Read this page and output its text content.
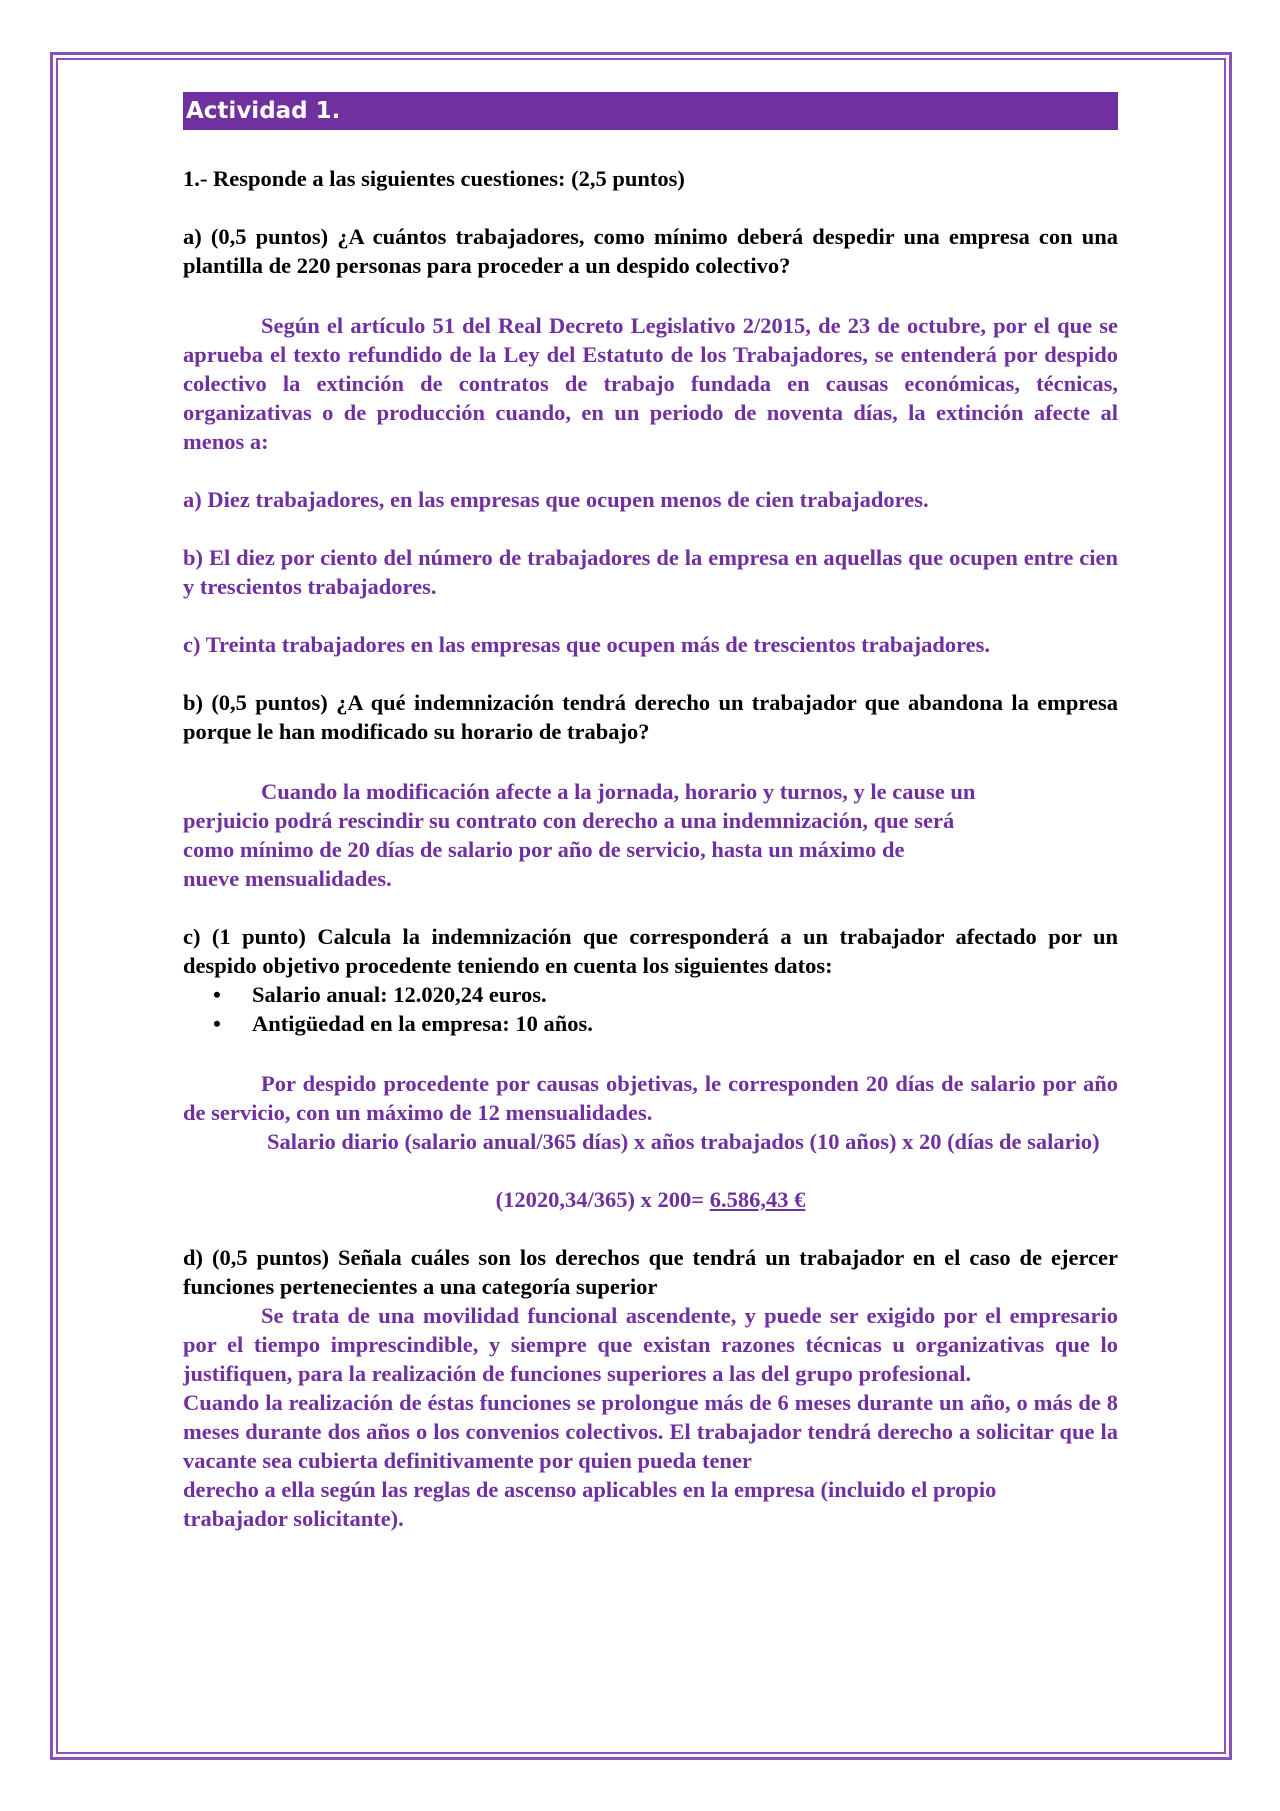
Actividad 1.

1.- Responde a las siguientes cuestiones: (2,5 puntos)

a) (0,5 puntos) ¿A cuántos trabajadores, como mínimo deberá despedir una empresa con una plantilla de 220 personas para proceder a un despido colectivo?

Según el artículo 51 del Real Decreto Legislativo 2/2015, de 23 de octubre, por el que se aprueba el texto refundido de la Ley del Estatuto de los Trabajadores, se entenderá por despido colectivo la extinción de contratos de trabajo fundada en causas económicas, técnicas, organizativas o de producción cuando, en un periodo de noventa días, la extinción afecte al menos a:

a) Diez trabajadores, en las empresas que ocupen menos de cien trabajadores.

b) El diez por ciento del número de trabajadores de la empresa en aquellas que ocupen entre cien y trescientos trabajadores.

c) Treinta trabajadores en las empresas que ocupen más de trescientos trabajadores.

b) (0,5 puntos) ¿A qué indemnización tendrá derecho un trabajador que abandona la empresa porque le han modificado su horario de trabajo?

Cuando la modificación afecte a la jornada, horario y turnos, y le cause un

perjuicio podrá rescindir su contrato con derecho a una indemnización, que será

como mínimo de 20 días de salario por año de servicio, hasta un máximo de

nueve mensualidades.

c) (1 punto) Calcula la indemnización que corresponderá a un trabajador afectado por un despido objetivo procedente teniendo en cuenta los siguientes datos:

• Salario anual: 12.020,24 euros.
• Antigüedad en la empresa: 10 años.

Por despido procedente por causas objetivas, le corresponden 20 días de salario por año de servicio, con un máximo de 12 mensualidades.

Salario diario (salario anual/365 días) x años trabajados (10 años) x 20 (días de salario)

(12020,34/365) x 200= 6.586,43 €

d) (0,5 puntos) Señala cuáles son los derechos que tendrá un trabajador en el caso de ejercer funciones pertenecientes a una categoría superior

Se trata de una movilidad funcional ascendente, y puede ser exigido por el empresario por el tiempo imprescindible, y siempre que existan razones técnicas u organizativas que lo justifiquen, para la realización de funciones superiores a las del grupo profesional.

Cuando la realización de éstas funciones se prolongue más de 6 meses durante un año, o más de 8 meses durante dos años o los convenios colectivos. El trabajador tendrá derecho a solicitar que la vacante sea cubierta definitivamente por quien pueda tener

derecho a ella según las reglas de ascenso aplicables en la empresa (incluido el propio

trabajador solicitante).
